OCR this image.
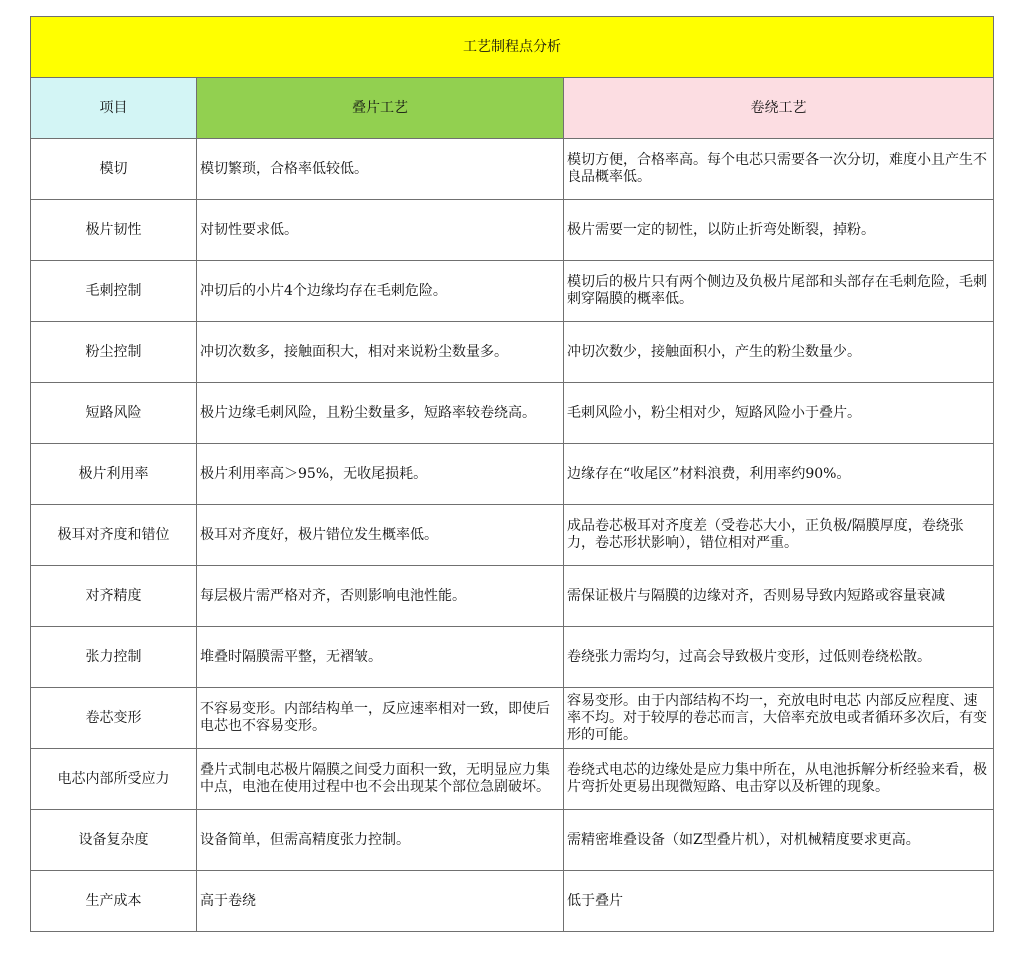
工艺制程点分析		
项目	叠片工艺	卷绕工艺
模切	模切繁琐，合格率低较低。	模切方便，合格率高。每个电芯只需要各一次分切，难度小且产生不良品概率低。
极片韧性	对韧性要求低。	极片需要一定的韧性，以防止折弯处断裂，掉粉。
毛刺控制	冲切后的小片4个边缘均存在毛刺危险。	模切后的极片只有两个侧边及负极片尾部和头部存在毛刺危险，毛刺刺穿隔膜的概率低。
粉尘控制	冲切次数多，接触面积大，相对来说粉尘数量多。	冲切次数少，接触面积小，产生的粉尘数量少。
短路风险	极片边缘毛刺风险，且粉尘数量多，短路率较卷绕高。	毛刺风险小，粉尘相对少，短路风险小于叠片。
极片利用率	极片利用率高＞95%，无收尾损耗。	边缘存在“收尾区”材料浪费，利用率约90%。
极耳对齐度和错位	极耳对齐度好，极片错位发生概率低。	成品卷芯极耳对齐度差（受卷芯大小，正负极/隔膜厚度，卷绕张力，卷芯形状影响），错位相对严重。
对齐精度	每层极片需严格对齐，否则影响电池性能。	需保证极片与隔膜的边缘对齐，否则易导致内短路或容量衰减
张力控制	堆叠时隔膜需平整，无褶皱。	卷绕张力需均匀，过高会导致极片变形，过低则卷绕松散。
卷芯变形	不容易变形。内部结构单一，反应速率相对一致，即使后电芯也不容易变形。	容易变形。由于内部结构不均一，充放电时电芯 内部反应程度、速率不均。对于较厚的卷芯而言，大倍率充放电或者循环多次后，有变形的可能。
电芯内部所受应力	叠片式制电芯极片隔膜之间受力面积一致，无明显应力集中点，电池在使用过程中也不会出现某个部位急剧破坏。	卷绕式电芯的边缘处是应力集中所在，从电池拆解分析经验来看，极片弯折处更易出现微短路、电击穿以及析锂的现象。
设备复杂度	设备简单，但需高精度张力控制。	需精密堆叠设备（如Z型叠片机），对机械精度要求更高。
生产成本	高于卷绕	低于叠片
